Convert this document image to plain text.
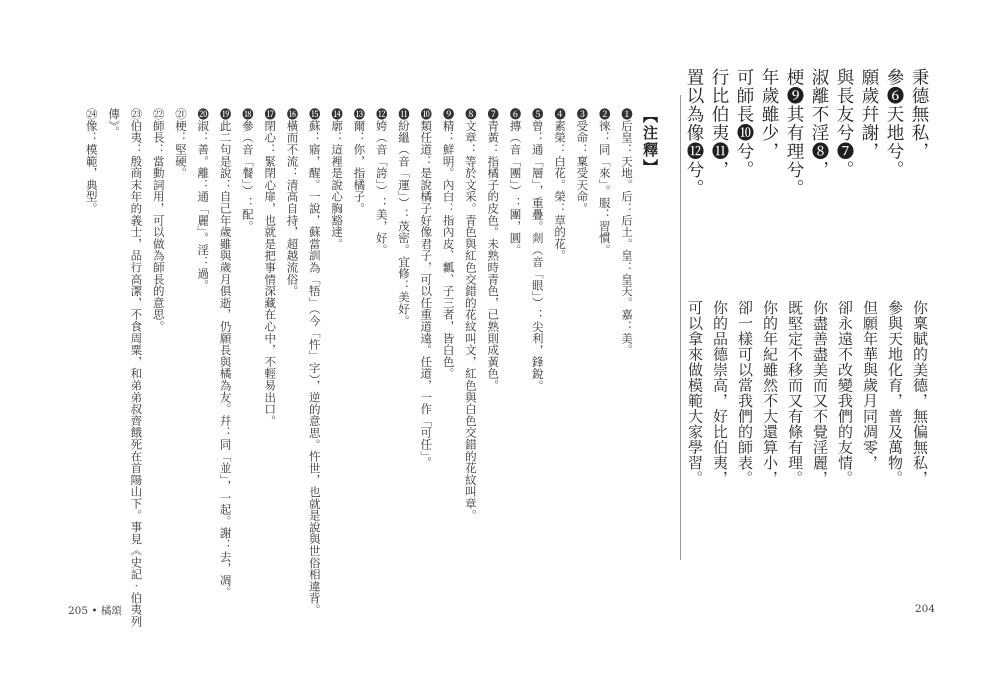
秉德無私，
參❻天地兮。
願歲幷謝，
與長友兮❼。
淑離不淫❽，
梗❾其有理兮。
年歲雖少，
可師長❿兮。
行比伯夷⓫，
置以為像⓬兮。
你稟賦的美德，無偏無私，
參與天地化育，普及萬物。
但願年華與歲月同凋零，
卻永遠不改變我們的友情。
你盡善盡美而又不覺淫麗，
既堅定不移而又有條有理。
你的年紀雖然不大還算小，
卻一樣可以當我們的師表。
你的品德崇高，好比伯夷，
可以拿來做模範大家學習。
204
【注釋】
❶后皇：天地。后：后土。皇：皇天。嘉：美。
❷徠：同「來」。服：習慣。
❸受命：稟受天命。
❹素榮：白花。榮：草的花。
❺曾：通「層」，重疊。剡（音「眼」）：尖利，鋒銳。
❻摶（音「團」）：團，圓。
❼青黃：指橘子的皮色。未熟時青色，已熟則成黃色。
❽文章：等於文采。青色與紅色交錯的花紋叫文，紅色與白色交錯的花紋叫章。
❾精：鮮明。內白：指內皮、瓤、子三者，皆白色。
❿類任道：是說橘子好像君子，可以任重道遠。任道，一作「可任」。
⓫紛縕（音「運」）：茂密。宜修：美好。
⓬姱（音「誇」）：美，好。
⓭爾：你，指橘子。
⓮廓：這裡是說心胸豁達。
⓯蘇：寤，醒。一說，蘇當訓為「牾」（今「忤」字），逆的意思。忤世，也就是說與世俗相違背。
⓰橫而不流：清高自持，超越流俗。
⓱閉心：緊閉心扉，也就是把事情深藏在心中，不輕易出口。
⓲參（音「餐」）：配。
⓳此二句是說：自己年歲雖與歲月俱逝，仍願長與橘為友。幷：同「並」，一起。謝：去，凋。
⓴淑：善。離：通「麗」。淫：過。
㉑梗：堅硬。
㉒師長：當動詞用，可以做為師長的意思。
㉓伯夷：殷商末年的義士，品行高潔，不食周粟，和弟弟叔齊餓死在首陽山下。事見《史記‧伯夷列
傳》。
㉔像：模範，典型。
205 • 橘頌
